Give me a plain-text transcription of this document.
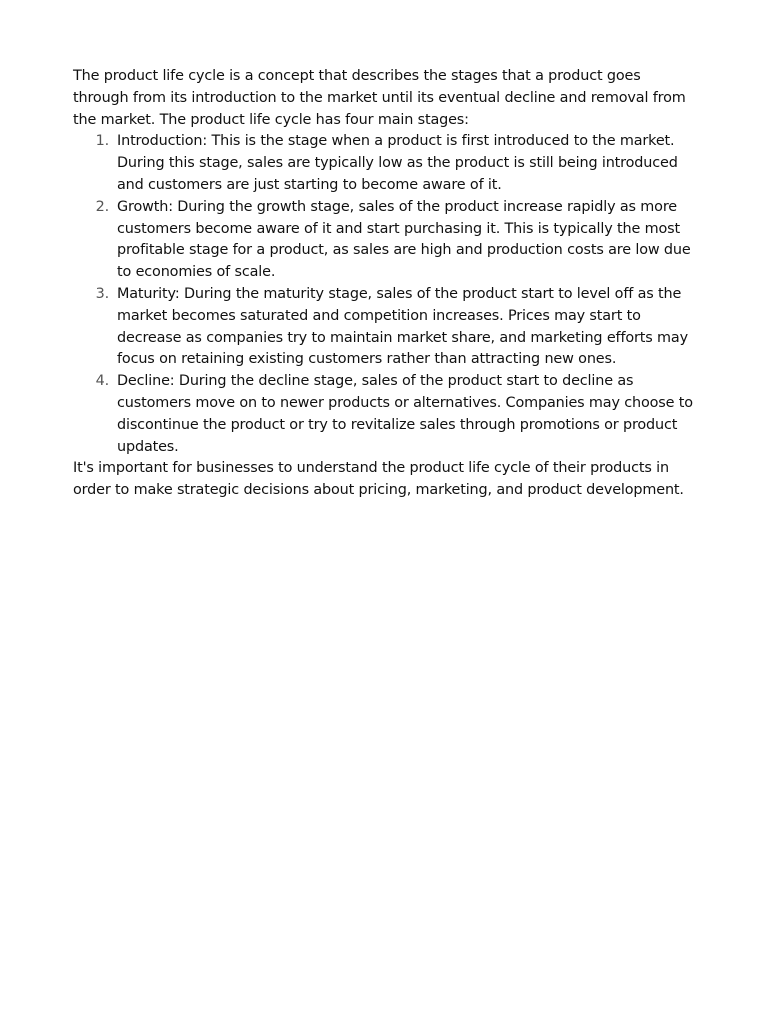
The product life cycle is a concept that describes the stages that a product goes through from its introduction to the market until its eventual decline and removal from the market. The product life cycle has four main stages:

1. Introduction: This is the stage when a product is first introduced to the market. During this stage, sales are typically low as the product is still being introduced and customers are just starting to become aware of it.
2. Growth: During the growth stage, sales of the product increase rapidly as more customers become aware of it and start purchasing it. This is typically the most profitable stage for a product, as sales are high and production costs are low due to economies of scale.
3. Maturity: During the maturity stage, sales of the product start to level off as the market becomes saturated and competition increases. Prices may start to decrease as companies try to maintain market share, and marketing efforts may focus on retaining existing customers rather than attracting new ones.
4. Decline: During the decline stage, sales of the product start to decline as customers move on to newer products or alternatives. Companies may choose to discontinue the product or try to revitalize sales through promotions or product updates.

It's important for businesses to understand the product life cycle of their products in order to make strategic decisions about pricing, marketing, and product development.
